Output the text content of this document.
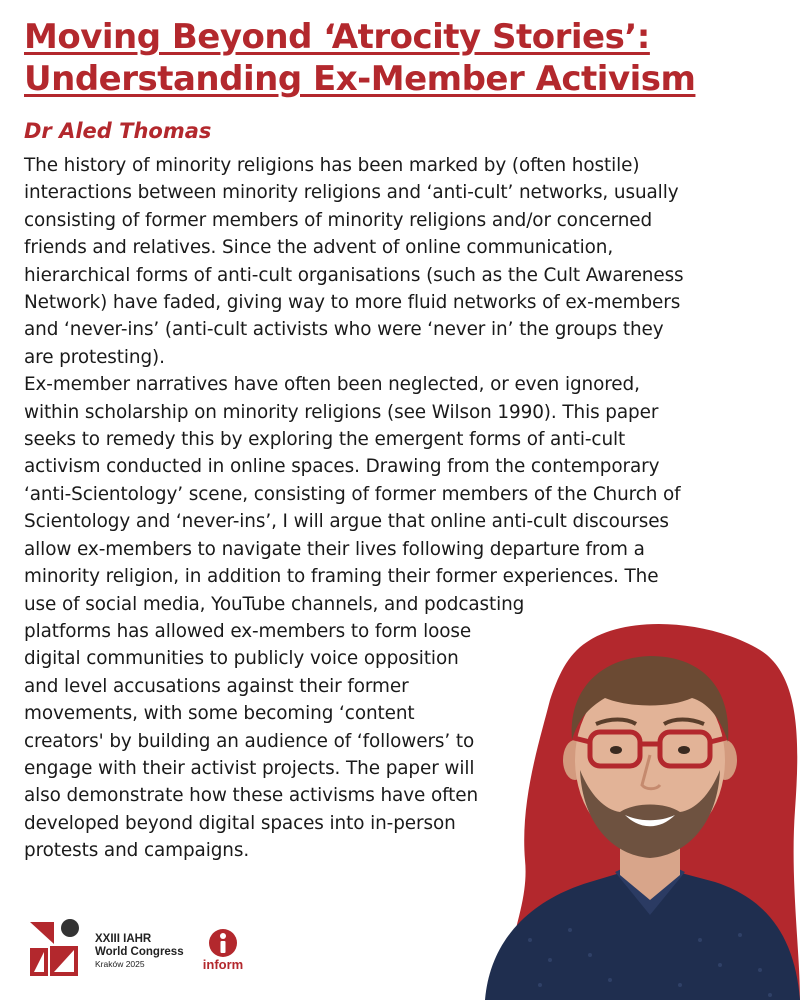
Moving Beyond ‘Atrocity Stories’:
Understanding Ex-Member Activism
Dr Aled Thomas
The history of minority religions has been marked by (often hostile)
interactions between minority religions and ‘anti-cult’ networks, usually
consisting of former members of minority religions and/or concerned
friends and relatives. Since the advent of online communication,
hierarchical forms of anti-cult organisations (such as the Cult Awareness
Network) have faded, giving way to more fluid networks of ex-members
and ‘never-ins’ (anti-cult activists who were ‘never in’ the groups they
are protesting).
Ex-member narratives have often been neglected, or even ignored,
within scholarship on minority religions (see Wilson 1990). This paper
seeks to remedy this by exploring the emergent forms of anti-cult
activism conducted in online spaces. Drawing from the contemporary
‘anti-Scientology’ scene, consisting of former members of the Church of
Scientology and ‘never-ins’, I will argue that online anti-cult discourses
allow ex-members to navigate their lives following departure from a
minority religion, in addition to framing their former experiences. The
use of social media, YouTube channels, and podcasting
platforms has allowed ex-members to form loose
digital communities to publicly voice opposition
and level accusations against their former
movements, with some becoming ‘content
creators' by building an audience of ‘followers’ to
engage with their activist projects. The paper will
also demonstrate how these activisms have often
developed beyond digital spaces into in-person
protests and campaigns.
XXIII IAHR
World Congress
Kraków 2025	inform
